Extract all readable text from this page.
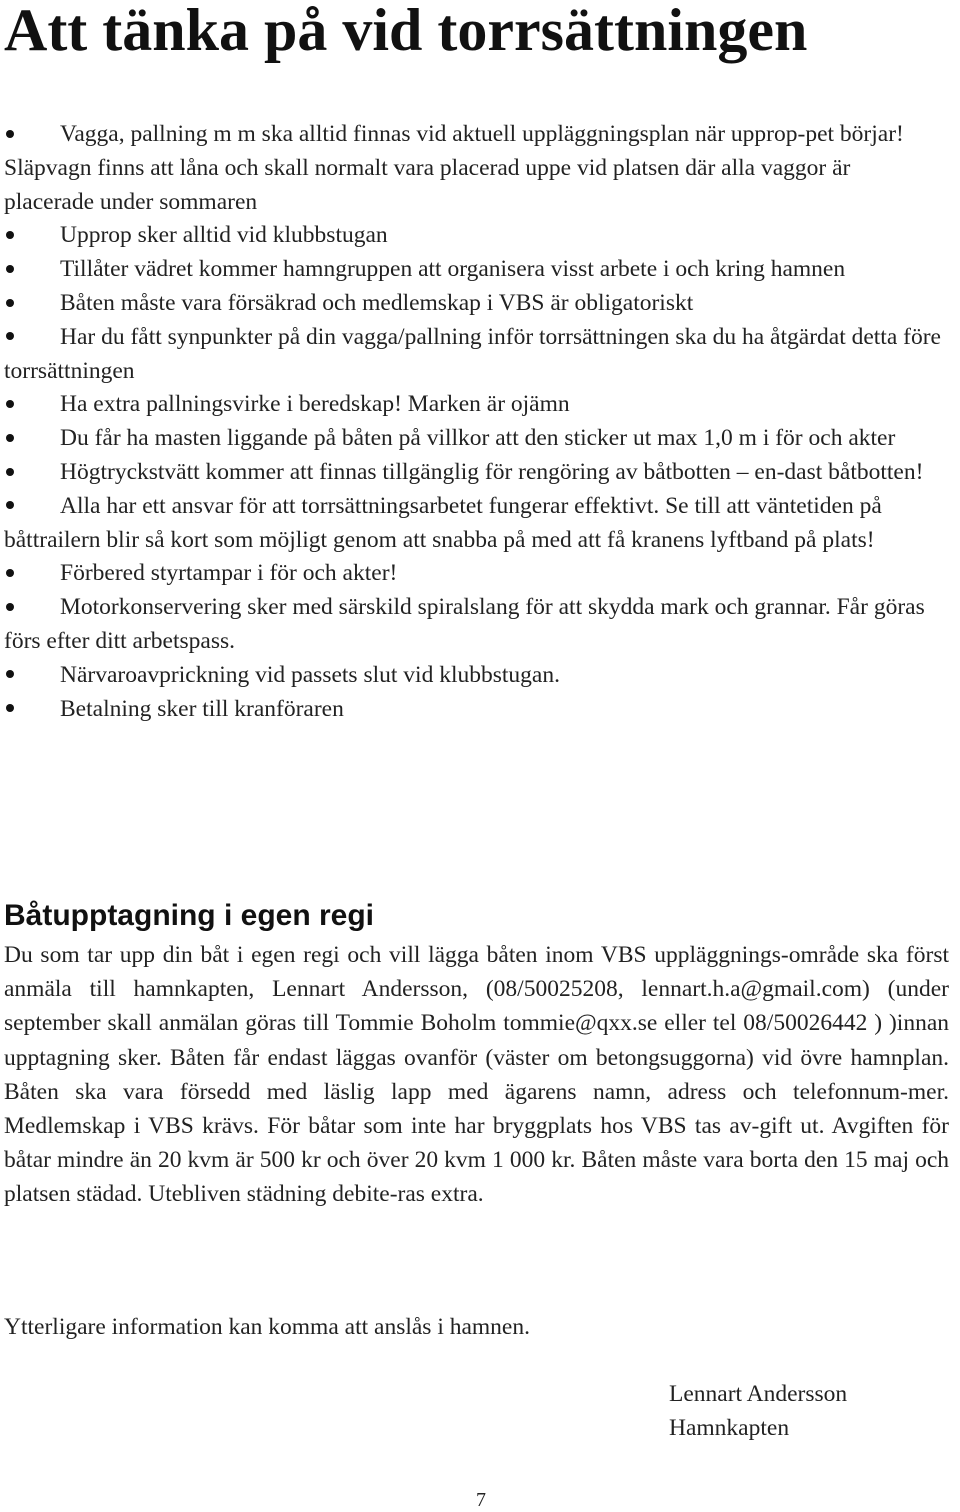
Att tänka på vid torrsättningen
Vagga, pallning m m ska alltid finnas vid aktuell uppläggningsplan när upprop-pet börjar! Släpvagn finns att låna och skall normalt vara placerad uppe vid platsen där alla vaggor är placerade under sommaren
Upprop sker alltid vid klubbstugan
Tillåter vädret kommer hamngruppen att organisera visst arbete i och kring hamnen
Båten måste vara försäkrad och medlemskap i VBS är obligatoriskt
Har du fått synpunkter på din vagga/pallning inför torrsättningen ska du ha åtgärdat detta före torrsättningen
Ha extra pallningsvirke i beredskap! Marken är ojämn
Du får ha masten liggande på båten på villkor att den sticker ut max 1,0 m i för och akter
Högtryckstvätt kommer att finnas tillgänglig för rengöring av båtbotten – en-dast båtbotten!
Alla har ett ansvar för att torrsättningsarbetet fungerar effektivt. Se till att väntetiden på båttrailern blir så kort som möjligt genom att snabba på med att få kranens lyftband på plats!
Förbered styrtampar i för och akter!
Motorkonservering sker med särskild spiralslang för att skydda mark och grannar. Får göras förs efter ditt arbetspass.
Närvaroavprickning vid passets slut vid klubbstugan.
Betalning sker till kranföraren
Båtupptagning i egen regi

Du som tar upp din båt i egen regi och vill lägga båten inom VBS uppläggnings-område ska först anmäla till hamnkapten, Lennart Andersson, (08/50025208, lennart.h.a@gmail.com) (under september skall anmälan göras till Tommie Boholm tommie@qxx.se eller tel 08/50026442 ) )innan upptagning sker. Båten får endast läggas ovanför (väster om betongsuggorna) vid övre hamnplan. Båten ska vara försedd med läslig lapp med ägarens namn, adress och telefonnum-mer. Medlemskap i VBS krävs. För båtar som inte har bryggplats hos VBS tas av-gift ut. Avgiften för båtar mindre än 20 kvm är 500 kr och över 20 kvm 1 000 kr. Båten måste vara borta den 15 maj och platsen städad. Utebliven städning debite-ras extra.

Ytterligare information kan komma att anslås i hamnen.

Lennart Andersson
Hamnkapten
7
